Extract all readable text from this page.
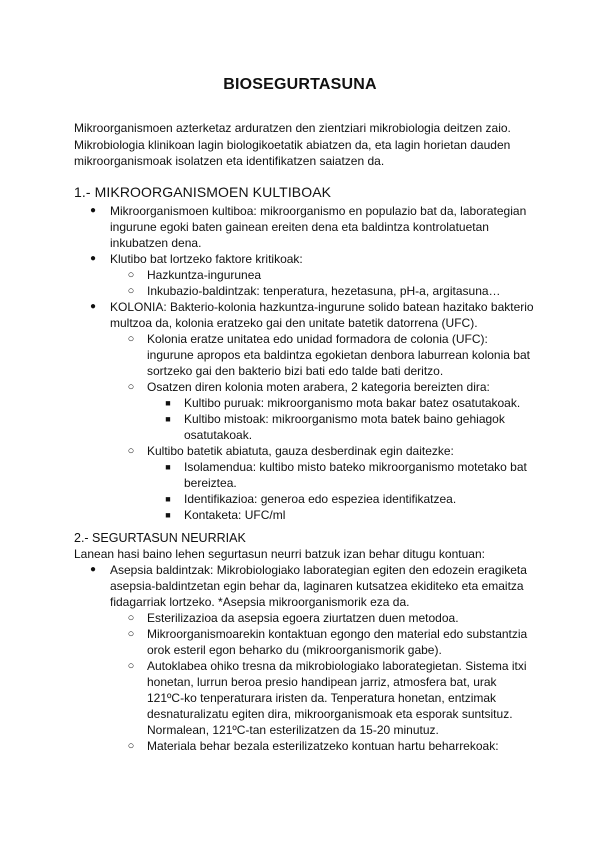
BIOSEGURTASUNA
Mikroorganismoen azterketaz arduratzen den zientziari mikrobiologia deitzen zaio. Mikrobiologia klinikoan lagin biologikoetatik abiatzen da, eta lagin horietan dauden mikroorganismoak isolatzen eta identifikatzen saiatzen da.
1.- MIKROORGANISMOEN KULTIBOAK
● Mikroorganismoen kultiboa: mikroorganismo en populazio bat da, laborategian ingurune egoki baten gainean ereiten dena eta baldintza kontrolatuetan inkubatzen dena.
● Klutibo bat lortzeko faktore kritikoak:
○ Hazkuntza-ingurunea
○ Inkubazio-baldintzak: tenperatura, hezetasuna, pH-a, argitasuna…
● KOLONIA: Bakterio-kolonia hazkuntza-ingurune solido batean hazitako bakterio multzoa da, kolonia eratzeko gai den unitate batetik datorrena (UFC).
○ Kolonia eratze unitatea edo unidad formadora de colonia (UFC): ingurune apropos eta baldintza egokietan denbora laburrean kolonia bat sortzeko gai den bakterio bizi bati edo talde bati deritzo.
○ Osatzen diren kolonia moten arabera, 2 kategoria bereizten dira:
■ Kultibo puruak: mikroorganismo mota bakar batez osatutakoak.
■ Kultibo mistoak: mikroorganismo mota batek baino gehiagok osatutakoak.
○ Kultibo batetik abiatuta, gauza desberdinak egin daitezke:
■ Isolamendua: kultibo misto bateko mikroorganismo motetako bat bereiztea.
■ Identifikazioa: generoa edo espeziea identifikatzea.
■ Kontaketa: UFC/ml
2.- SEGURTASUN NEURRIAK
Lanean hasi baino lehen segurtasun neurri batzuk izan behar ditugu kontuan:
● Asepsia baldintzak: Mikrobiologiako laborategian egiten den edozein eragiketa asepsia-baldintzetan egin behar da, laginaren kutsatzea ekiditeko eta emaitza fidagarriak lortzeko. *Asepsia mikroorganismorik eza da.
○ Esterilizazioa da asepsia egoera ziurtatzen duen metodoa.
○ Mikroorganismoarekin kontaktuan egongo den material edo substantzia orok esteril egon beharko du (mikroorganismorik gabe).
○ Autoklabea ohiko tresna da mikrobiologiako laborategietan. Sistema itxi honetan, lurrun beroa presio handipean jarriz, atmosfera bat, urak 121ºC-ko tenperaturara iristen da. Tenperatura honetan, entzimak desnaturalizatu egiten dira, mikroorganismoak eta esporak suntsituz. Normalean, 121ºC-tan esterilizatzen da 15-20 minutuz.
○ Materiala behar bezala esterilizatzeko kontuan hartu beharrekoak:
